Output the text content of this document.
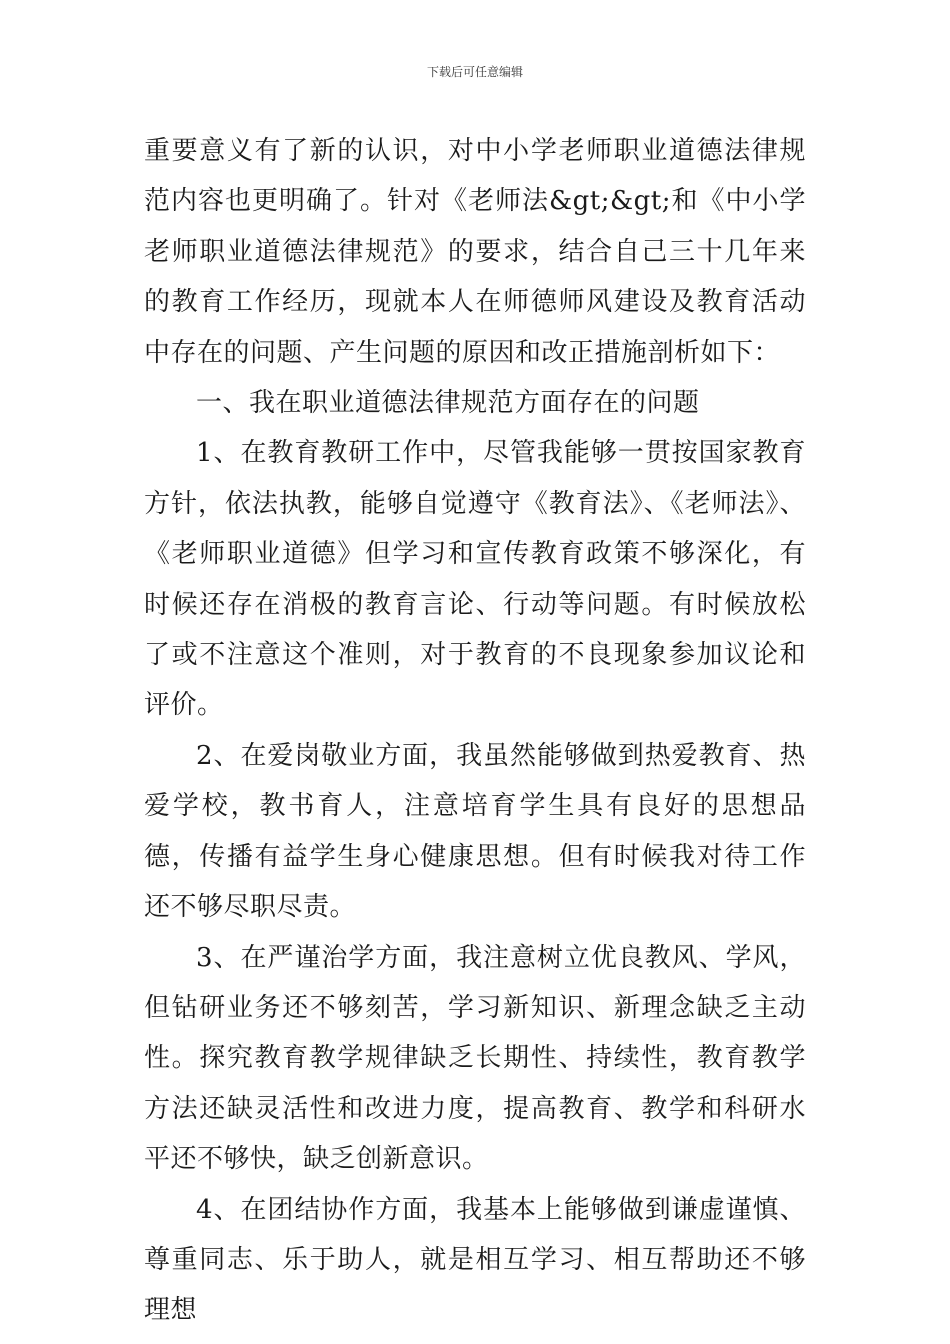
下载后可任意编辑

重要意义有了新的认识，对中小学老师职业道德法律规范内容也更明确了。针对《老师法&gt;&gt;和《中小学老师职业道德法律规范》的要求，结合自己三十几年来的教育工作经历，现就本人在师德师风建设及教育活动中存在的问题、产生问题的原因和改正措施剖析如下：

一、我在职业道德法律规范方面存在的问题

1、在教育教研工作中，尽管我能够一贯按国家教育方针，依法执教，能够自觉遵守《教育法》、《老师法》、《老师职业道德》但学习和宣传教育政策不够深化，有时候还存在消极的教育言论、行动等问题。有时候放松了或不注意这个准则，对于教育的不良现象参加议论和评价。

2、在爱岗敬业方面，我虽然能够做到热爱教育、热爱学校，教书育人，注意培育学生具有良好的思想品德，传播有益学生身心健康思想。但有时候我对待工作还不够尽职尽责。

3、在严谨治学方面，我注意树立优良教风、学风，但钻研业务还不够刻苦，学习新知识、新理念缺乏主动性。探究教育教学规律缺乏长期性、持续性，教育教学方法还缺灵活性和改进力度，提高教育、教学和科研水平还不够快，缺乏创新意识。

4、在团结协作方面，我基本上能够做到谦虚谨慎、尊重同志、乐于助人，就是相互学习、相互帮助还不够理想
